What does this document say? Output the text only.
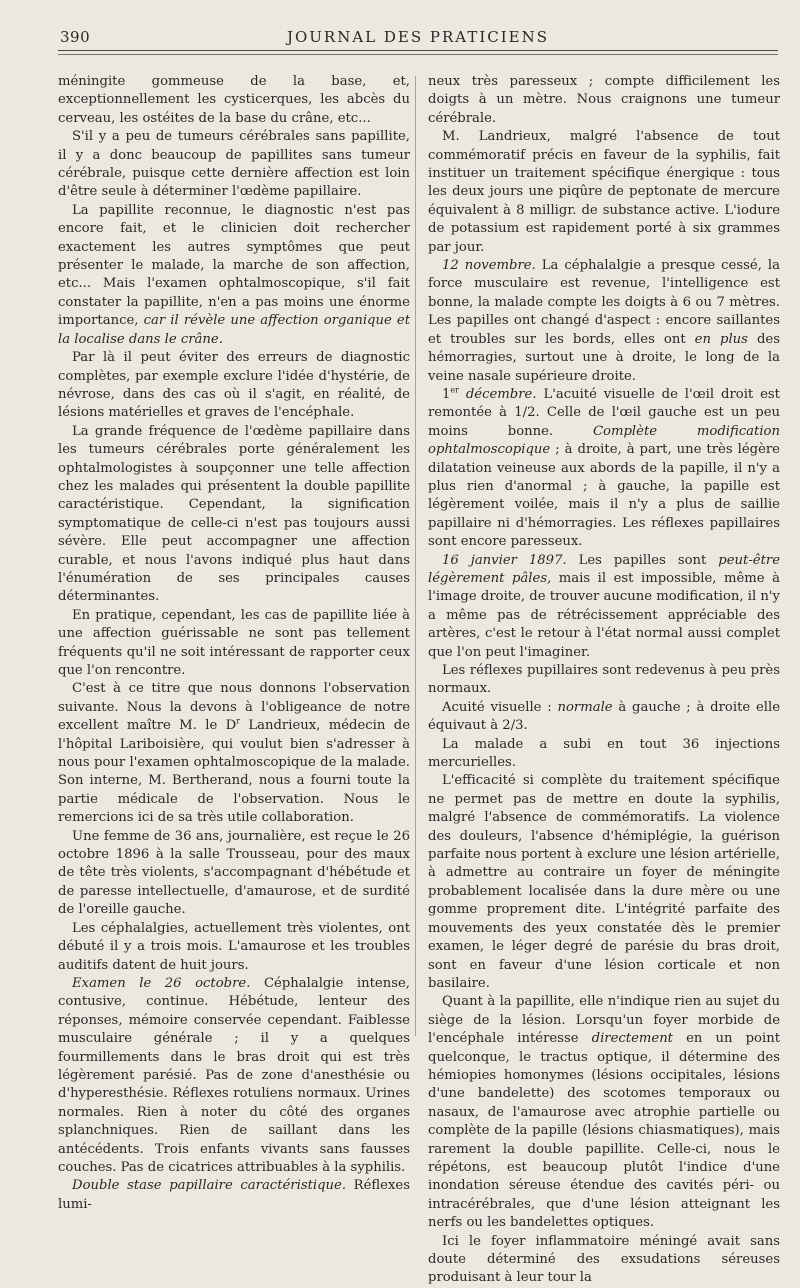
390	JOURNAL DES PRATICIENS

méningite gommeuse de la base, et, exceptionnellement les cysticerques, les abcès du cerveau, les ostéites de la base du crâne, etc...

S'il y a peu de tumeurs cérébrales sans papillite, il y a donc beaucoup de papillites sans tumeur cérébrale, puisque cette dernière affection est loin d'être seule à déterminer l'œdème papillaire.

La papillite reconnue, le diagnostic n'est pas encore fait, et le clinicien doit rechercher exactement les autres symptômes que peut présenter le malade, la marche de son affection, etc... Mais l'examen ophtalmoscopique, s'il fait constater la papillite, n'en a pas moins une énorme importance, car il révèle une affection organique et la localise dans le crâne.

Par là il peut éviter des erreurs de diagnostic complètes, par exemple exclure l'idée d'hystérie, de névrose, dans des cas où il s'agit, en réalité, de lésions matérielles et graves de l'encéphale.

La grande fréquence de l'œdème papillaire dans les tumeurs cérébrales porte généralement les ophtalmologistes à soupçonner une telle affection chez les malades qui présentent la double papillite caractéristique. Cependant, la signification symptomatique de celle-ci n'est pas toujours aussi sévère. Elle peut accompagner une affection curable, et nous l'avons indiqué plus haut dans l'énumération de ses principales causes déterminantes.

En pratique, cependant, les cas de papillite liée à une affection guérissable ne sont pas tellement fréquents qu'il ne soit intéressant de rapporter ceux que l'on rencontre.

C'est à ce titre que nous donnons l'observation suivante. Nous la devons à l'obligeance de notre excellent maître M. le $D^r$ Landrieux, médecin de l'hôpital Lariboisière, qui voulut bien s'adresser à nous pour l'examen ophtalmoscopique de la malade. Son interne, M. Bertherand, nous a fourni toute la partie médicale de l'observation. Nous le remercions ici de sa très utile collaboration.

Une femme de 36 ans, journalière, est reçue le 26 octobre 1896 à la salle Trousseau, pour des maux de tête très violents, s'accompagnant d'hébétude et de paresse intellectuelle, d'amaurose, et de surdité de l'oreille gauche.

Les céphalalgies, actuellement très violentes, ont débuté il y a trois mois. L'amaurose et les troubles auditifs datent de huit jours.

Examen le 26 octobre. Céphalalgie intense, contusive, continue. Hébétude, lenteur des réponses, mémoire conservée cependant. Faiblesse musculaire générale ; il y a quelques fourmillements dans le bras droit qui est très légèrement parésié. Pas de zone d'anesthésie ou d'hyperesthésie. Réflexes rotuliens normaux. Urines normales. Rien à noter du côté des organes splanchniques. Rien de saillant dans les antécédents. Trois enfants vivants sans fausses couches. Pas de cicatrices attribuables à la syphilis.

Double stase papillaire caractéristique. Réflexes lumi-

neux très paresseux ; compte difficilement les doigts à un mètre. Nous craignons une tumeur cérébrale.

M. Landrieux, malgré l'absence de tout commémoratif précis en faveur de la syphilis, fait instituer un traitement spécifique énergique : tous les deux jours une piqûre de peptonate de mercure équivalent à 8 milligr. de substance active. L'iodure de potassium est rapidement porté à six grammes par jour.

12 novembre. La céphalalgie a presque cessé, la force musculaire est revenue, l'intelligence est bonne, la malade compte les doigts à 6 ou 7 mètres. Les papilles ont changé d'aspect : encore saillantes et troubles sur les bords, elles ont en plus des hémorragies, surtout une à droite, le long de la veine nasale supérieure droite.

1er décembre. L'acuité visuelle de l'œil droit est remontée à 1/2. Celle de l'œil gauche est un peu moins bonne. Complète modification ophtalmoscopique ; à droite, à part, une très légère dilatation veineuse aux abords de la papille, il n'y a plus rien d'anormal ; à gauche, la papille est légèrement voilée, mais il n'y a plus de saillie papillaire ni d'hémorragies. Les réflexes papillaires sont encore paresseux.

16 janvier 1897. Les papilles sont peut-être légèrement pâles, mais il est impossible, même à l'image droite, de trouver aucune modification, il n'y a même pas de rétrécissement appréciable des artères, c'est le retour à l'état normal aussi complet que l'on peut l'imaginer.

Les réflexes pupillaires sont redevenus à peu près normaux.

Acuité visuelle : normale à gauche ; à droite elle équivaut à 2/3.

La malade a subi en tout 36 injections mercurielles.

L'efficacité si complète du traitement spécifique ne permet pas de mettre en doute la syphilis, malgré l'absence de commémoratifs. La violence des douleurs, l'absence d'hémiplégie, la guérison parfaite nous portent à exclure une lésion artérielle, à admettre au contraire un foyer de méningite probablement localisée dans la dure mère ou une gomme proprement dite. L'intégrité parfaite des mouvements des yeux constatée dès le premier examen, le léger degré de parésie du bras droit, sont en faveur d'une lésion corticale et non basilaire.

Quant à la papillite, elle n'indique rien au sujet du siège de la lésion. Lorsqu'un foyer morbide de l'encéphale intéresse directement en un point quelconque, le tractus optique, il détermine des hémiopies homonymes (lésions occipitales, lésions d'une bandelette) des scotomes temporaux ou nasaux, de l'amaurose avec atrophie partielle ou complète de la papille (lésions chiasmatiques), mais rarement la double papillite. Celle-ci, nous le répétons, est beaucoup plutôt l'indice d'une inondation séreuse étendue des cavités péri- ou intracérébrales, que d'une lésion atteignant les nerfs ou les bandelettes optiques.

Ici le foyer inflammatoire méningé avait sans doute déterminé des exsudations séreuses produisant à leur tour la
